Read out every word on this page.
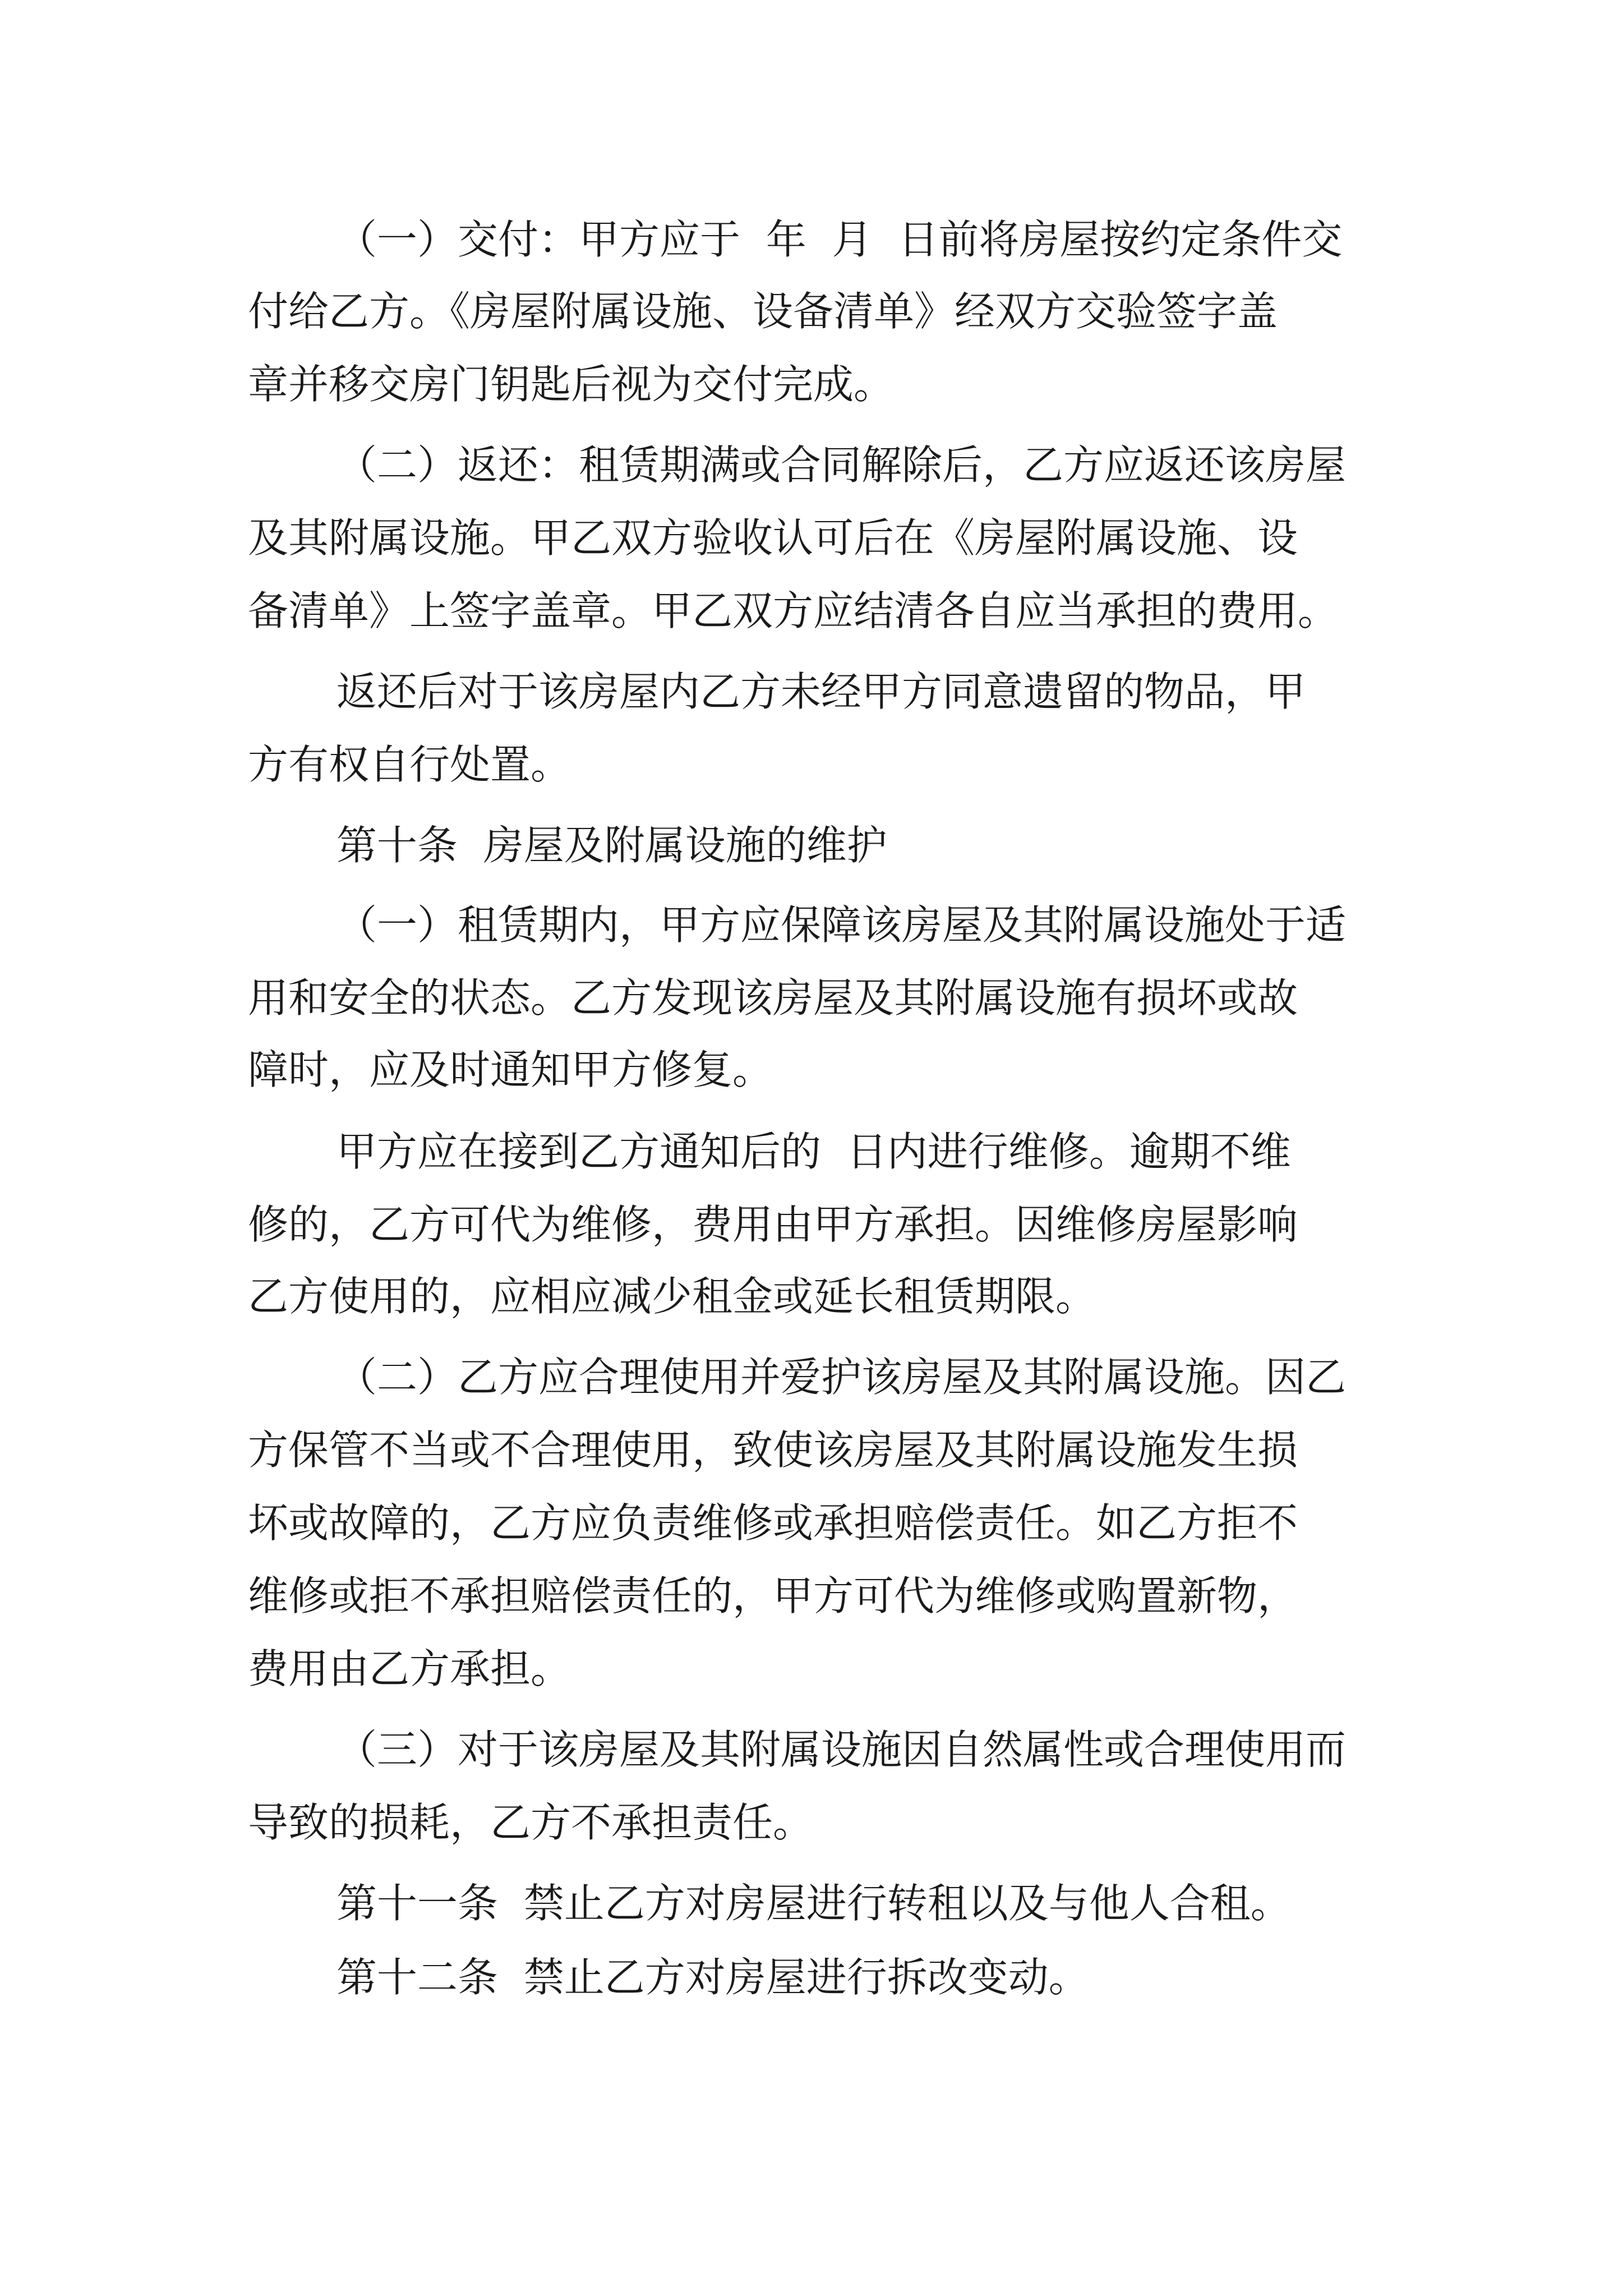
（一）交付：甲方应于  年  月  日前将房屋按约定条件交
付给乙方。《房屋附属设施、设备清单》经双方交验签字盖
章并移交房门钥匙后视为交付完成。
（二）返还：租赁期满或合同解除后，乙方应返还该房屋
及其附属设施。甲乙双方验收认可后在《房屋附属设施、设
备清单》上签字盖章。甲乙双方应结清各自应当承担的费用。
返还后对于该房屋内乙方未经甲方同意遗留的物品，甲
方有权自行处置。
第十条  房屋及附属设施的维护
（一）租赁期内，甲方应保障该房屋及其附属设施处于适
用和安全的状态。乙方发现该房屋及其附属设施有损坏或故
障时，应及时通知甲方修复。
甲方应在接到乙方通知后的  日内进行维修。逾期不维
修的，乙方可代为维修，费用由甲方承担。因维修房屋影响
乙方使用的，应相应减少租金或延长租赁期限。
（二）乙方应合理使用并爱护该房屋及其附属设施。因乙
方保管不当或不合理使用，致使该房屋及其附属设施发生损
坏或故障的，乙方应负责维修或承担赔偿责任。如乙方拒不
维修或拒不承担赔偿责任的，甲方可代为维修或购置新物，
费用由乙方承担。
（三）对于该房屋及其附属设施因自然属性或合理使用而
导致的损耗，乙方不承担责任。
第十一条  禁止乙方对房屋进行转租以及与他人合租。
第十二条  禁止乙方对房屋进行拆改变动。
